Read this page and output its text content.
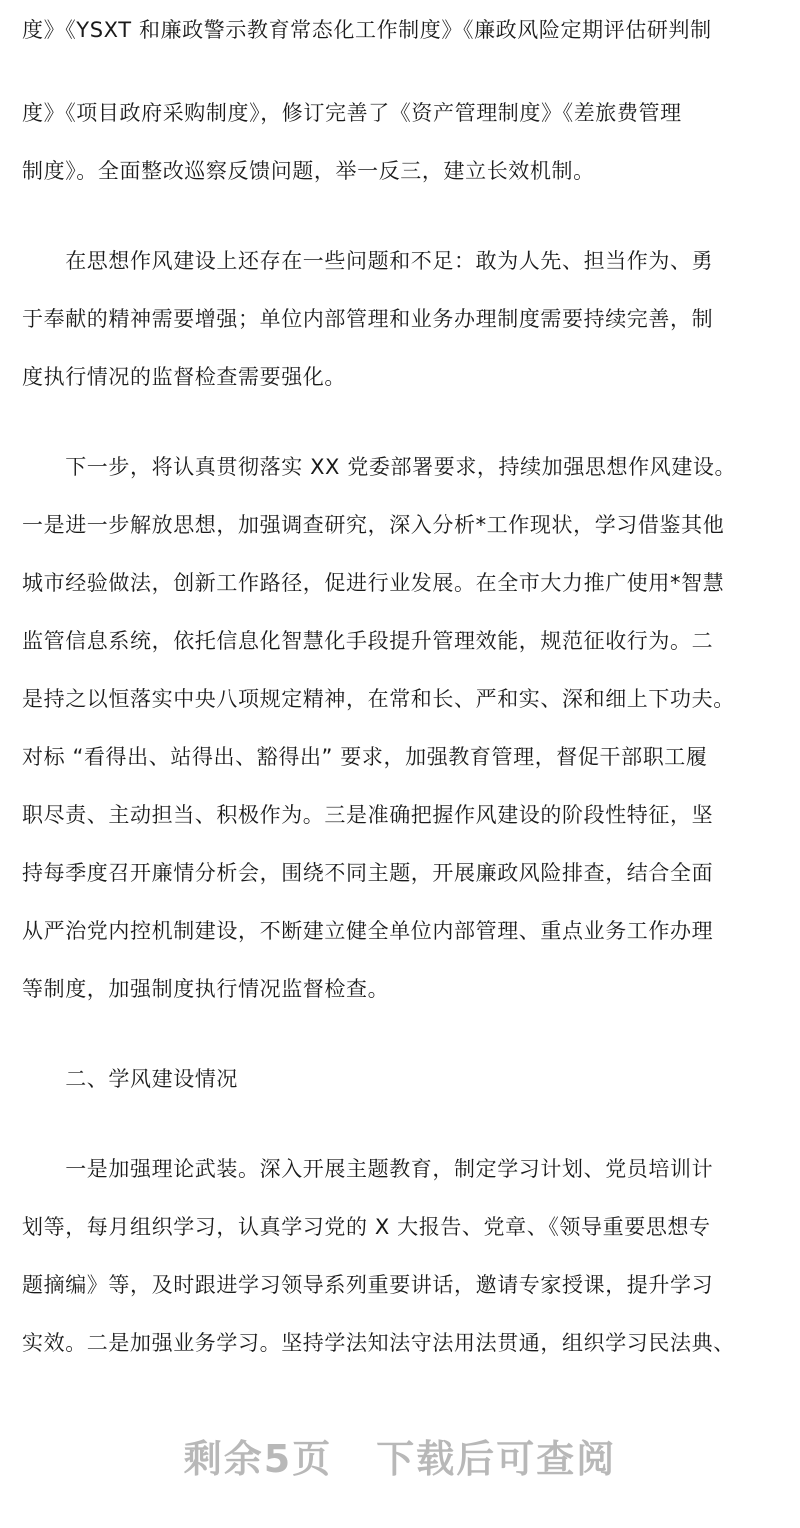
度》《YSXT 和廉政警示教育常态化工作制度》《廉政风险定期评估研判制
度》《项目政府采购制度》，修订完善了《资产管理制度》《差旅费管理
制度》。全面整改巡察反馈问题，举一反三，建立长效机制。
　　在思想作风建设上还存在一些问题和不足：敢为人先、担当作为、勇
于奉献的精神需要增强；单位内部管理和业务办理制度需要持续完善，制
度执行情况的监督检查需要强化。
　　下一步，将认真贯彻落实 XX 党委部署要求，持续加强思想作风建设。
一是进一步解放思想，加强调查研究，深入分析*工作现状，学习借鉴其他
城市经验做法，创新工作路径，促进行业发展。在全市大力推广使用*智慧
监管信息系统，依托信息化智慧化手段提升管理效能，规范征收行为。二
是持之以恒落实中央八项规定精神，在常和长、严和实、深和细上下功夫。
对标 “看得出、站得出、豁得出” 要求，加强教育管理，督促干部职工履
职尽责、主动担当、积极作为。三是准确把握作风建设的阶段性特征，坚
持每季度召开廉情分析会，围绕不同主题，开展廉政风险排查，结合全面
从严治党内控机制建设，不断建立健全单位内部管理、重点业务工作办理
等制度，加强制度执行情况监督检查。
　　二、学风建设情况
　　一是加强理论武装。深入开展主题教育，制定学习计划、党员培训计
划等，每月组织学习，认真学习党的 X 大报告、党章、《领导重要思想专
题摘编》等，及时跟进学习领导系列重要讲话，邀请专家授课，提升学习
实效。二是加强业务学习。坚持学法知法守法用法贯通，组织学习民法典、
剩余5页 下载后可查阅
